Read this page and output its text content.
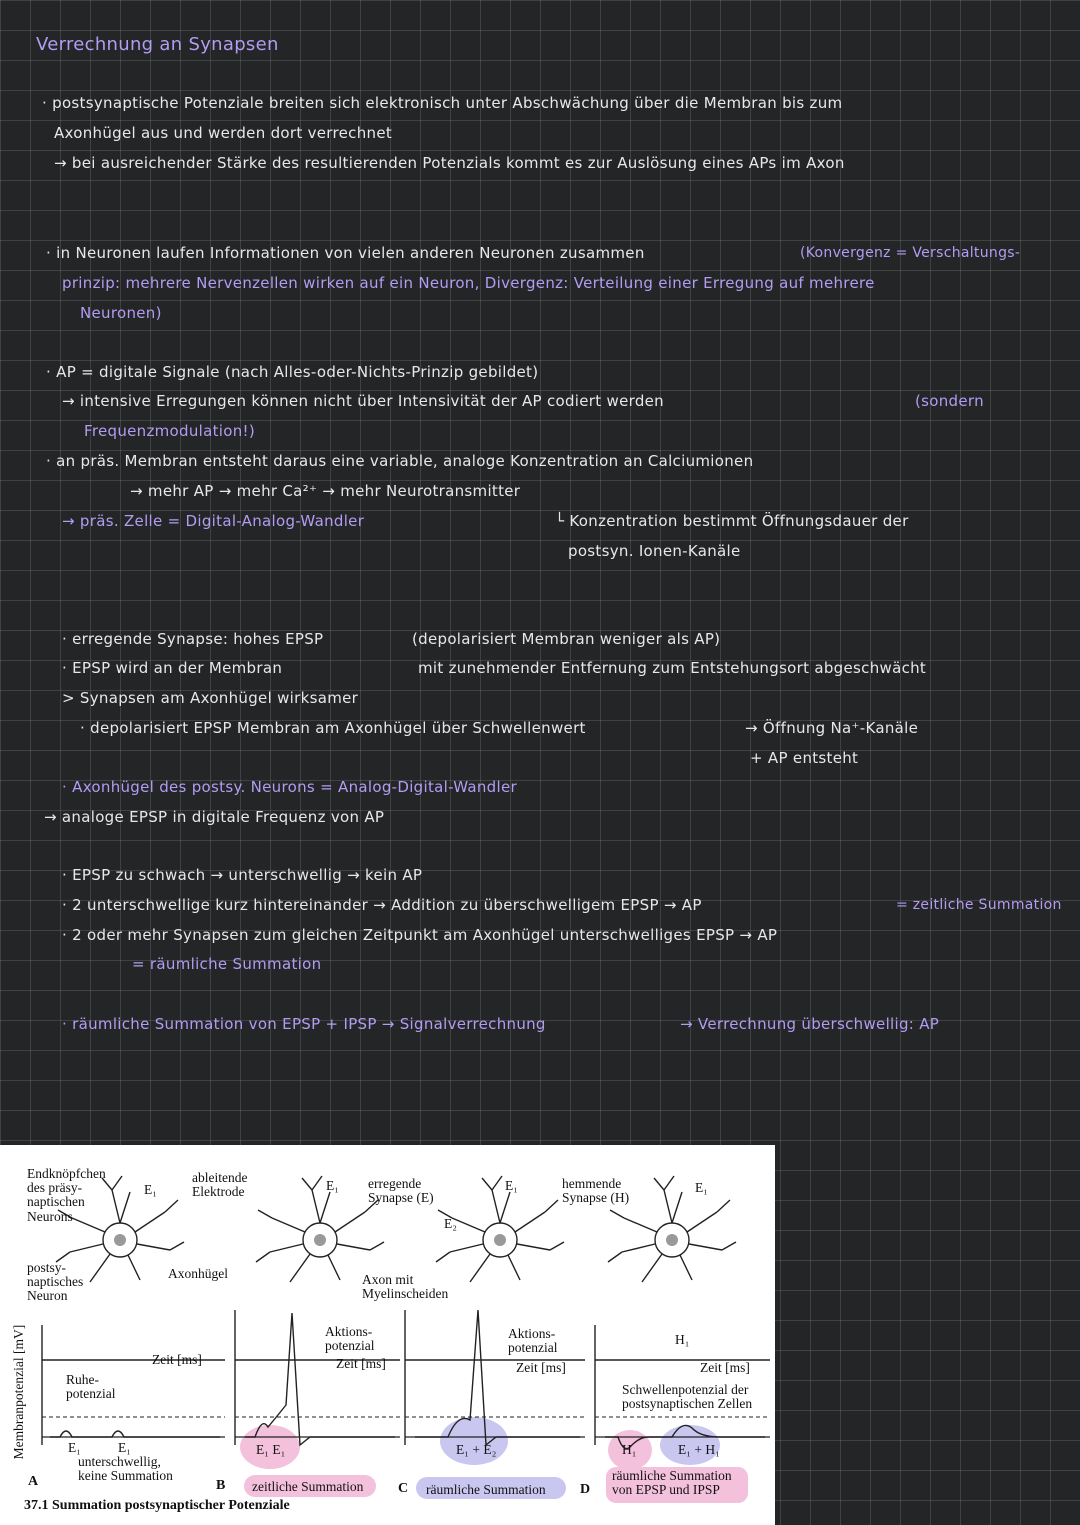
Verrechnung an Synapsen
· postsynaptische Potenziale breiten sich elektronisch unter Abschwächung über die Membran bis zum
Axonhügel aus und werden dort verrechnet
→ bei ausreichender Stärke des resultierenden Potenzials kommt es zur Auslösung eines APs im Axon
· in Neuronen laufen Informationen von vielen anderen Neuronen zusammen	(Konvergenz = Verschaltungs-
prinzip: mehrere Nervenzellen wirken auf ein Neuron, Divergenz: Verteilung einer Erregung auf mehrere
Neuronen)
· AP = digitale Signale (nach Alles-oder-Nichts-Prinzip gebildet)
→ intensive Erregungen können nicht über Intensivität der AP codiert werden	(sondern
Frequenzmodulation!)
· an präs. Membran entsteht daraus eine variable, analoge Konzentration an Calciumionen
→ mehr AP → mehr Ca²⁺ → mehr Neurotransmitter
→ präs. Zelle = Digital-Analog-Wandler	└ Konzentration bestimmt Öffnungsdauer der
postsyn. Ionen-Kanäle
· erregende Synapse: hohes EPSP	(depolarisiert Membran weniger als AP)
· EPSP wird an der Membran	mit zunehmender Entfernung zum Entstehungsort abgeschwächt
> Synapsen am Axonhügel wirksamer
· depolarisiert EPSP Membran am Axonhügel über Schwellenwert	→ Öffnung Na⁺-Kanäle
+ AP entsteht
· Axonhügel des postsy. Neurons = Analog-Digital-Wandler
→ analoge EPSP in digitale Frequenz von AP
· EPSP zu schwach → unterschwellig → kein AP
· 2 unterschwellige kurz hintereinander → Addition zu überschwelligem EPSP → AP	= zeitliche Summation
· 2 oder mehr Synapsen zum gleichen Zeitpunkt am Axonhügel unterschwelliges EPSP → AP
= räumliche Summation
· räumliche Summation von EPSP + IPSP → Signalverrechnung	→ Verrechnung überschwellig: AP
Endknöpfchen
des präsy-
naptischen
Neurons
postsy-
naptisches
Neuron
ableitende
Elektrode
Axonhügel
erregende
Synapse (E)
hemmende
Synapse (H)
Axon mit
Myelinscheiden
Aktions-
potenzial
Aktions-
potenzial
Zeit [ms]	Zeit [ms]	Zeit [ms]	Zeit [ms]
Ruhe-
potenzial	Schwellenpotenzial der
postsynaptischen Zellen
Membranpotenzial [mV]
E₁	E₁	E₁
E₂
E₁
H₁
E₁	E₁	E₁ E₁	E₁ + E₂	H₁	E₁ + H₁
unterschwellig,
keine Summation
zeitliche Summation	räumliche Summation
räumliche Summation
von EPSP und IPSP
A	B	C	D
37.1 Summation postsynaptischer Potenziale
